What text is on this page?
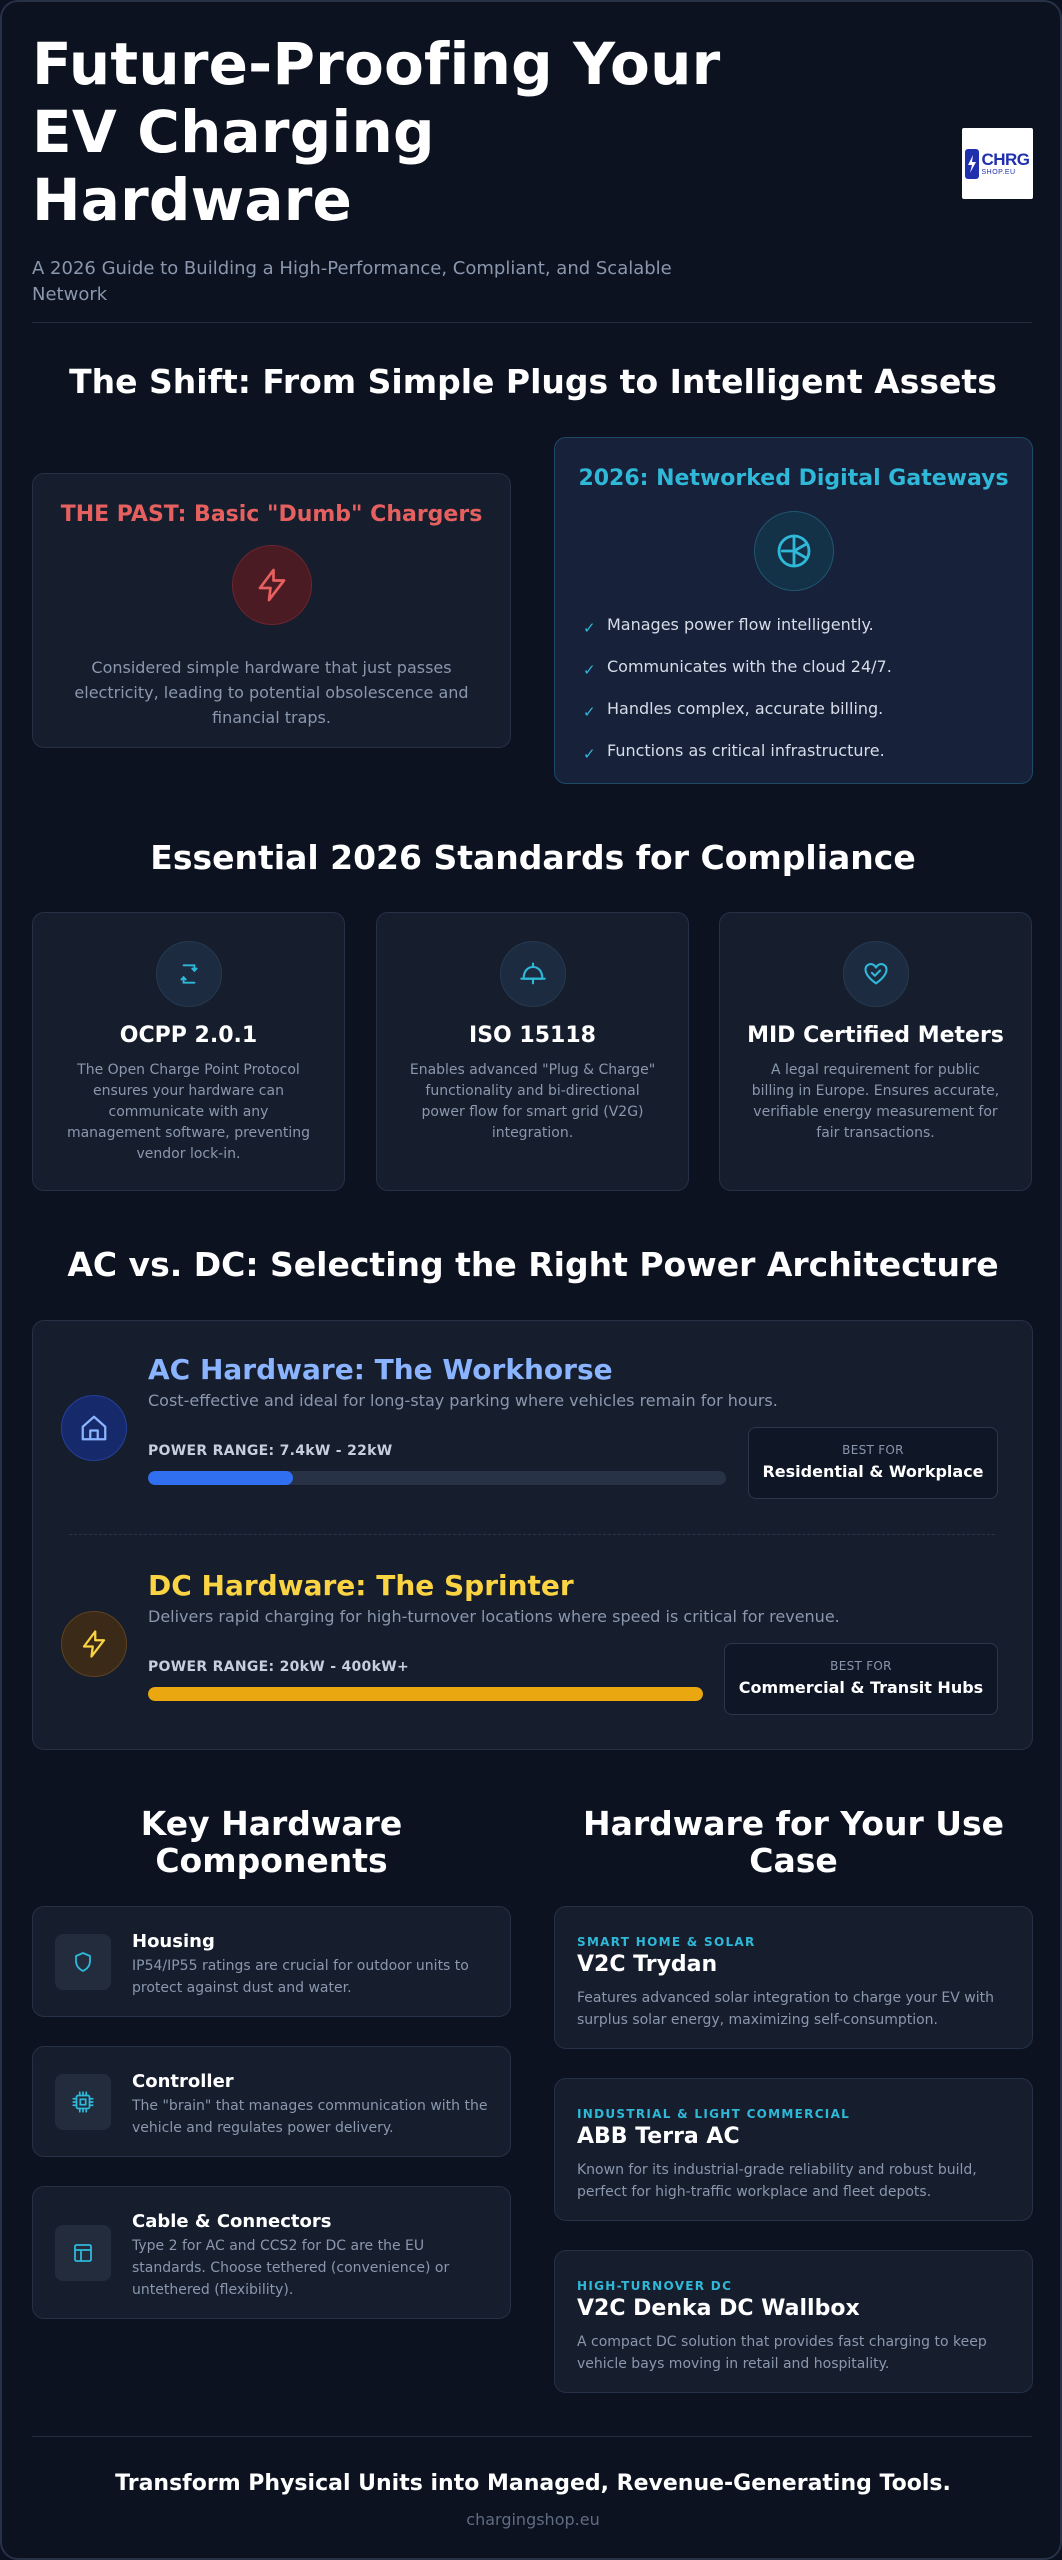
Future-Proofing Your EV Charging Hardware

A 2026 Guide to Building a High-Performance, Compliant, and Scalable Network

CHRG
SHOP.EU
The Shift: From Simple Plugs to Intelligent Assets
THE PAST: Basic "Dumb" Chargers

Considered simple hardware that just passes electricity, leading to potential obsolescence and financial traps.

2026: Networked Digital Gateways
✓ Manages power flow intelligently.
✓ Communicates with the cloud 24/7.
✓ Handles complex, accurate billing.
✓ Functions as critical infrastructure.
Essential 2026 Standards for Compliance
OCPP 2.0.1

The Open Charge Point Protocol ensures your hardware can communicate with any management software, preventing vendor lock-in.

ISO 15118

Enables advanced "Plug & Charge" functionality and bi-directional power flow for smart grid (V2G) integration.

MID Certified Meters

A legal requirement for public billing in Europe. Ensures accurate, verifiable energy measurement for fair transactions.

AC vs. DC: Selecting the Right Power Architecture
AC Hardware: The Workhorse
Cost-effective and ideal for long-stay parking where vehicles remain for hours.
POWER RANGE: 7.4kW - 22kW	BEST FOR
Residential & Workplace
DC Hardware: The Sprinter
Delivers rapid charging for high-turnover locations where speed is critical for revenue.
POWER RANGE: 20kW - 400kW+	BEST FOR
Commercial & Transit Hubs
Key Hardware Components
Hardware for Your Use Case
Housing

IP54/IP55 ratings are crucial for outdoor units to protect against dust and water.

Controller

The "brain" that manages communication with the vehicle and regulates power delivery.

Cable & Connectors

Type 2 for AC and CCS2 for DC are the EU standards. Choose tethered (convenience) or untethered (flexibility).

SMART HOME & SOLAR
V2C Trydan

Features advanced solar integration to charge your EV with surplus solar energy, maximizing self-consumption.

INDUSTRIAL & LIGHT COMMERCIAL
ABB Terra AC

Known for its industrial-grade reliability and robust build, perfect for high-traffic workplace and fleet depots.

HIGH-TURNOVER DC
V2C Denka DC Wallbox

A compact DC solution that provides fast charging to keep vehicle bays moving in retail and hospitality.

Transform Physical Units into Managed, Revenue-Generating Tools.
chargingshop.eu
